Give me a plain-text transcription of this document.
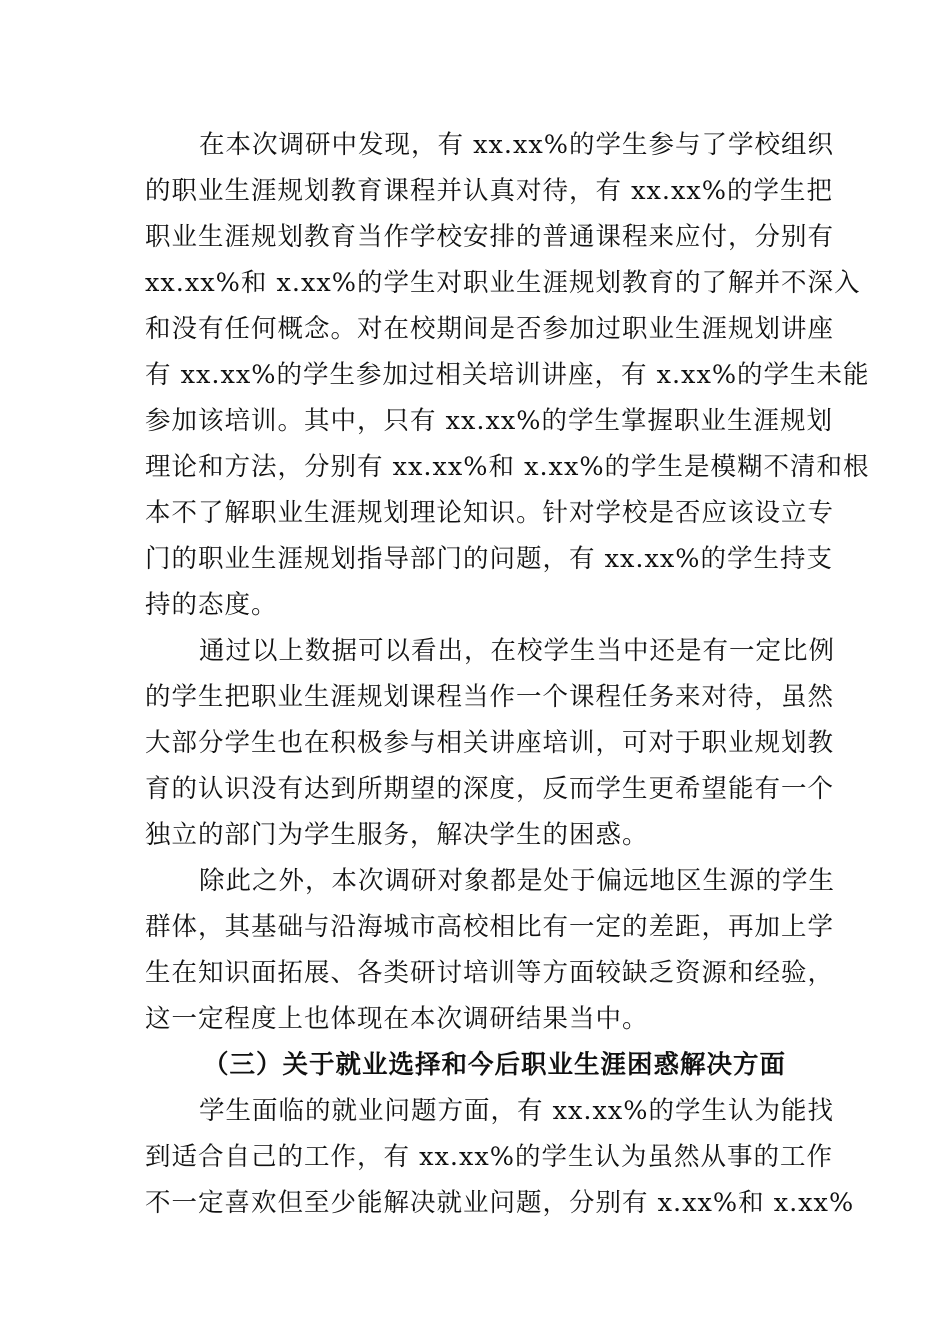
在本次调研中发现，有 xx.xx%的学生参与了学校组织
的职业生涯规划教育课程并认真对待，有 xx.xx%的学生把
职业生涯规划教育当作学校安排的普通课程来应付，分别有
xx.xx%和 x.xx%的学生对职业生涯规划教育的了解并不深入
和没有任何概念。对在校期间是否参加过职业生涯规划讲座
有 xx.xx%的学生参加过相关培训讲座，有 x.xx%的学生未能
参加该培训。其中，只有 xx.xx%的学生掌握职业生涯规划
理论和方法，分别有 xx.xx%和 x.xx%的学生是模糊不清和根
本不了解职业生涯规划理论知识。针对学校是否应该设立专
门的职业生涯规划指导部门的问题，有 xx.xx%的学生持支
持的态度。
通过以上数据可以看出，在校学生当中还是有一定比例
的学生把职业生涯规划课程当作一个课程任务来对待，虽然
大部分学生也在积极参与相关讲座培训，可对于职业规划教
育的认识没有达到所期望的深度，反而学生更希望能有一个
独立的部门为学生服务，解决学生的困惑。
除此之外，本次调研对象都是处于偏远地区生源的学生
群体，其基础与沿海城市高校相比有一定的差距，再加上学
生在知识面拓展、各类研讨培训等方面较缺乏资源和经验，
这一定程度上也体现在本次调研结果当中。
（三）关于就业选择和今后职业生涯困惑解决方面
学生面临的就业问题方面，有 xx.xx%的学生认为能找
到适合自己的工作，有 xx.xx%的学生认为虽然从事的工作
不一定喜欢但至少能解决就业问题，分别有 x.xx%和 x.xx%
